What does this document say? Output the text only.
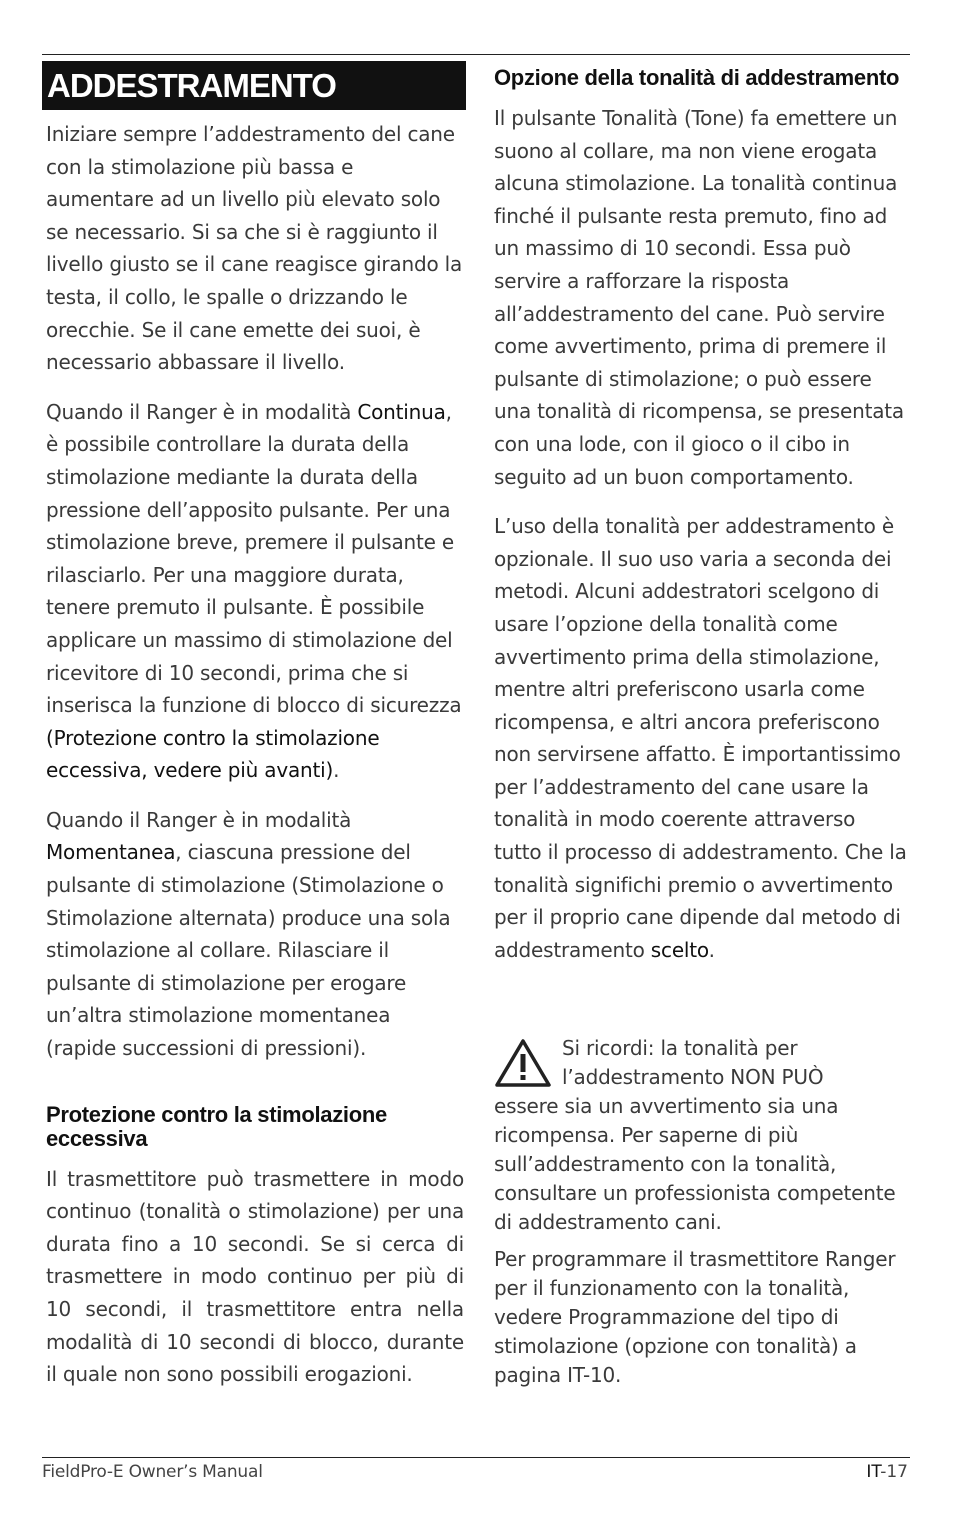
ADDESTRAMENTO

Iniziare sempre l’addestramento del cane con la stimolazione più bassa e aumentare ad un livello più elevato solo se necessario. Si sa che si è raggiunto il livello giusto se il cane reagisce girando la testa, il collo, le spalle o drizzando le orecchie. Se il cane emette dei suoi, è necessario abbassare il livello.

Quando il Ranger è in modalità Continua, è possibile controllare la durata della stimolazione mediante la durata della pressione dell’apposito pulsante. Per una stimolazione breve, premere il pulsante e rilasciarlo. Per una maggiore durata, tenere premuto il pulsante. È possibile applicare un massimo di stimolazione del ricevitore di 10 secondi, prima che si inserisca la funzione di blocco di sicurezza (Protezione contro la stimolazione eccessiva, vedere più avanti).

Quando il Ranger è in modalità Momentanea, ciascuna pressione del pulsante di stimolazione (Stimolazione o Stimolazione alternata) produce una sola stimolazione al collare. Rilasciare il pulsante di stimolazione per erogare un’altra stimolazione momentanea (rapide successioni di pressioni).

Protezione contro la stimolazione eccessiva

Il trasmettitore può trasmettere in modo continuo (tonalità o stimolazione) per una durata fino a 10 secondi. Se si cerca di trasmettere in modo continuo per più di 10 secondi, il trasmettitore entra nella modalità di 10 secondi di blocco, durante il quale non sono possibili erogazioni.

Opzione della tonalità di addestramento

Il pulsante Tonalità (Tone) fa emettere un suono al collare, ma non viene erogata alcuna stimolazione. La tonalità continua finché il pulsante resta premuto, fino ad un massimo di 10 secondi. Essa può servire a rafforzare la risposta all’addestramento del cane. Può servire come avvertimento, prima di premere il pulsante di stimolazione; o può essere una tonalità di ricompensa, se presentata con una lode, con il gioco o il cibo in seguito ad un buon comportamento.

L’uso della tonalità per addestramento è opzionale. Il suo uso varia a seconda dei metodi. Alcuni addestratori scelgono di usare l’opzione della tonalità come avvertimento prima della stimolazione, mentre altri preferiscono usarla come ricompensa, e altri ancora preferiscono non servirsene affatto. È importantissimo per l’addestramento del cane usare la tonalità in modo coerente attraverso tutto il processo di addestramento. Che la tonalità significhi premio o avvertimento per il proprio cane dipende dal metodo di addestramento scelto.

Si ricordi: la tonalità per

l’addestramento NON PUÒ

essere sia un avvertimento sia una ricompensa. Per saperne di più sull’addestramento con la tonalità, consultare un professionista competente di addestramento cani.

Per programmare il trasmettitore Ranger per il funzionamento con la tonalità, vedere Programmazione del tipo di stimolazione (opzione con tonalità) a pagina IT-10.

FieldPro-E Owner’s Manual	IT-17
